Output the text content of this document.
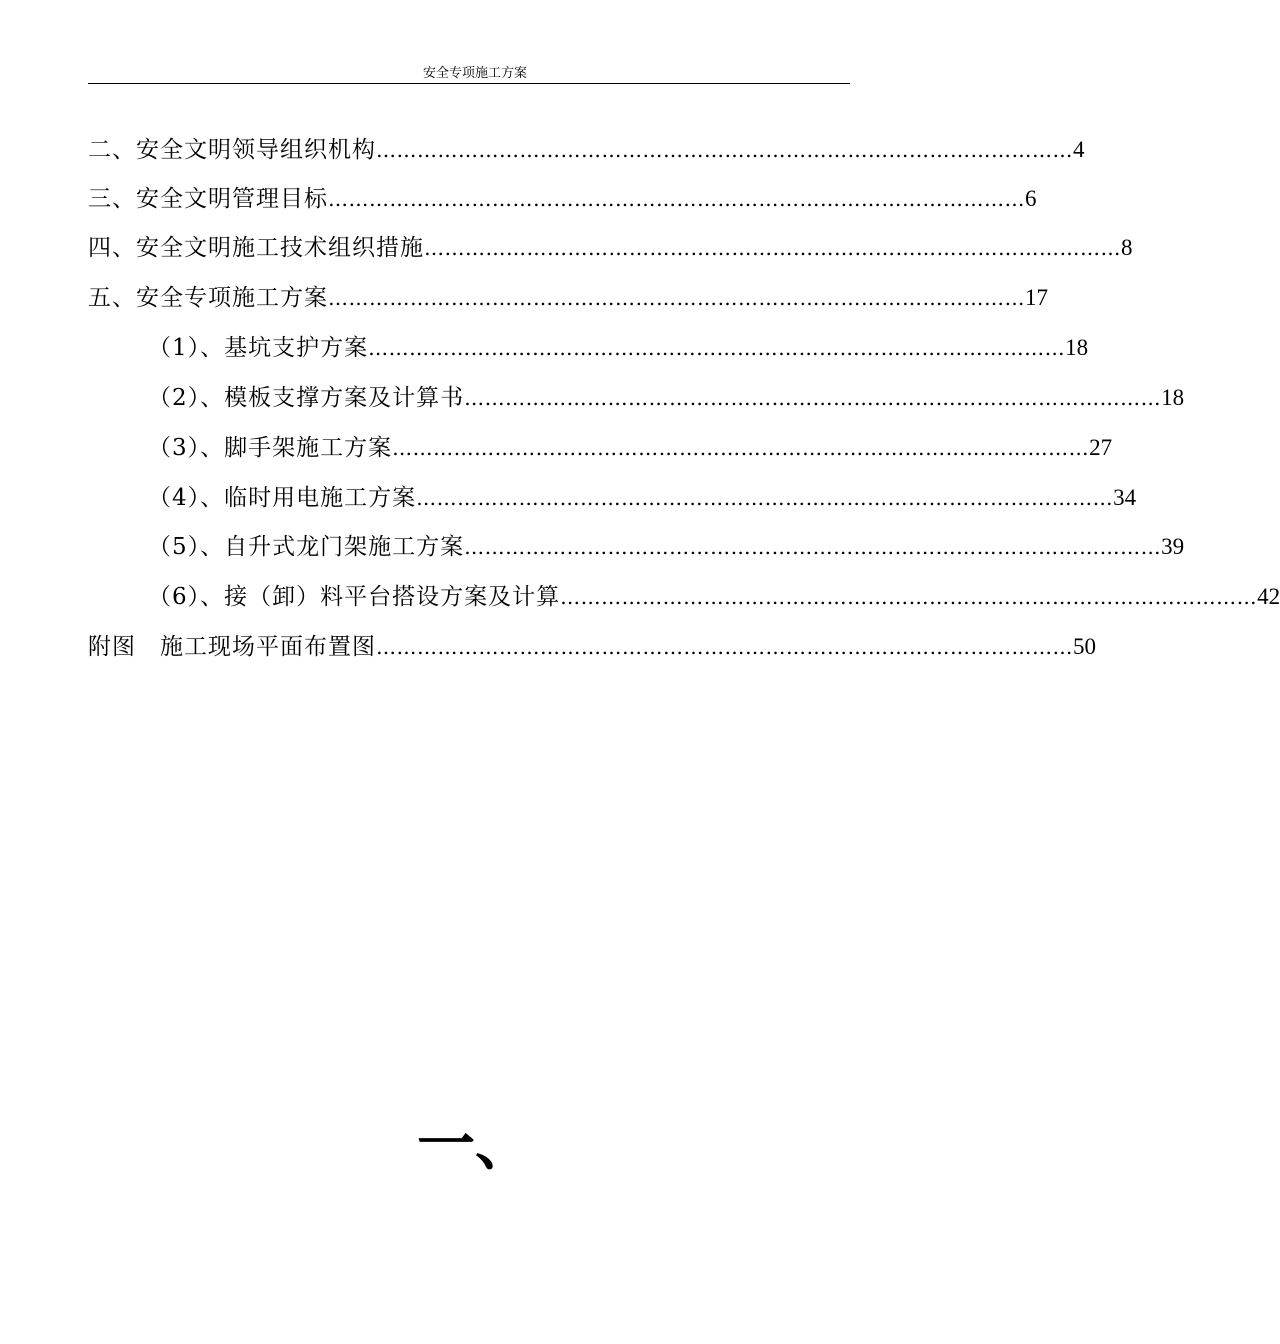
安全专项施工方案
二、安全文明领导组织机构 ………………………………………………………………………………………… 4
三、安全文明管理目标 ………………………………………………………………………………………… 6
四、安全文明施工技术组织措施 ………………………………………………………………………………………… 8
五、安全专项施工方案 ………………………………………………………………………………………… 17
（1）、基坑支护方案 ………………………………………………………………………………………… 18
（2）、模板支撑方案及计算书 ………………………………………………………………………………………… 18
（3）、脚手架施工方案 ………………………………………………………………………………………… 27
（4）、临时用电施工方案 ………………………………………………………………………………………… 34
（5）、自升式龙门架施工方案 ………………………………………………………………………………………… 39
（6）、接（卸）料平台搭设方案及计算 ………………………………………………………………………………………… 42
附图　施工现场平面布置图 ………………………………………………………………………………………… 50
一、
